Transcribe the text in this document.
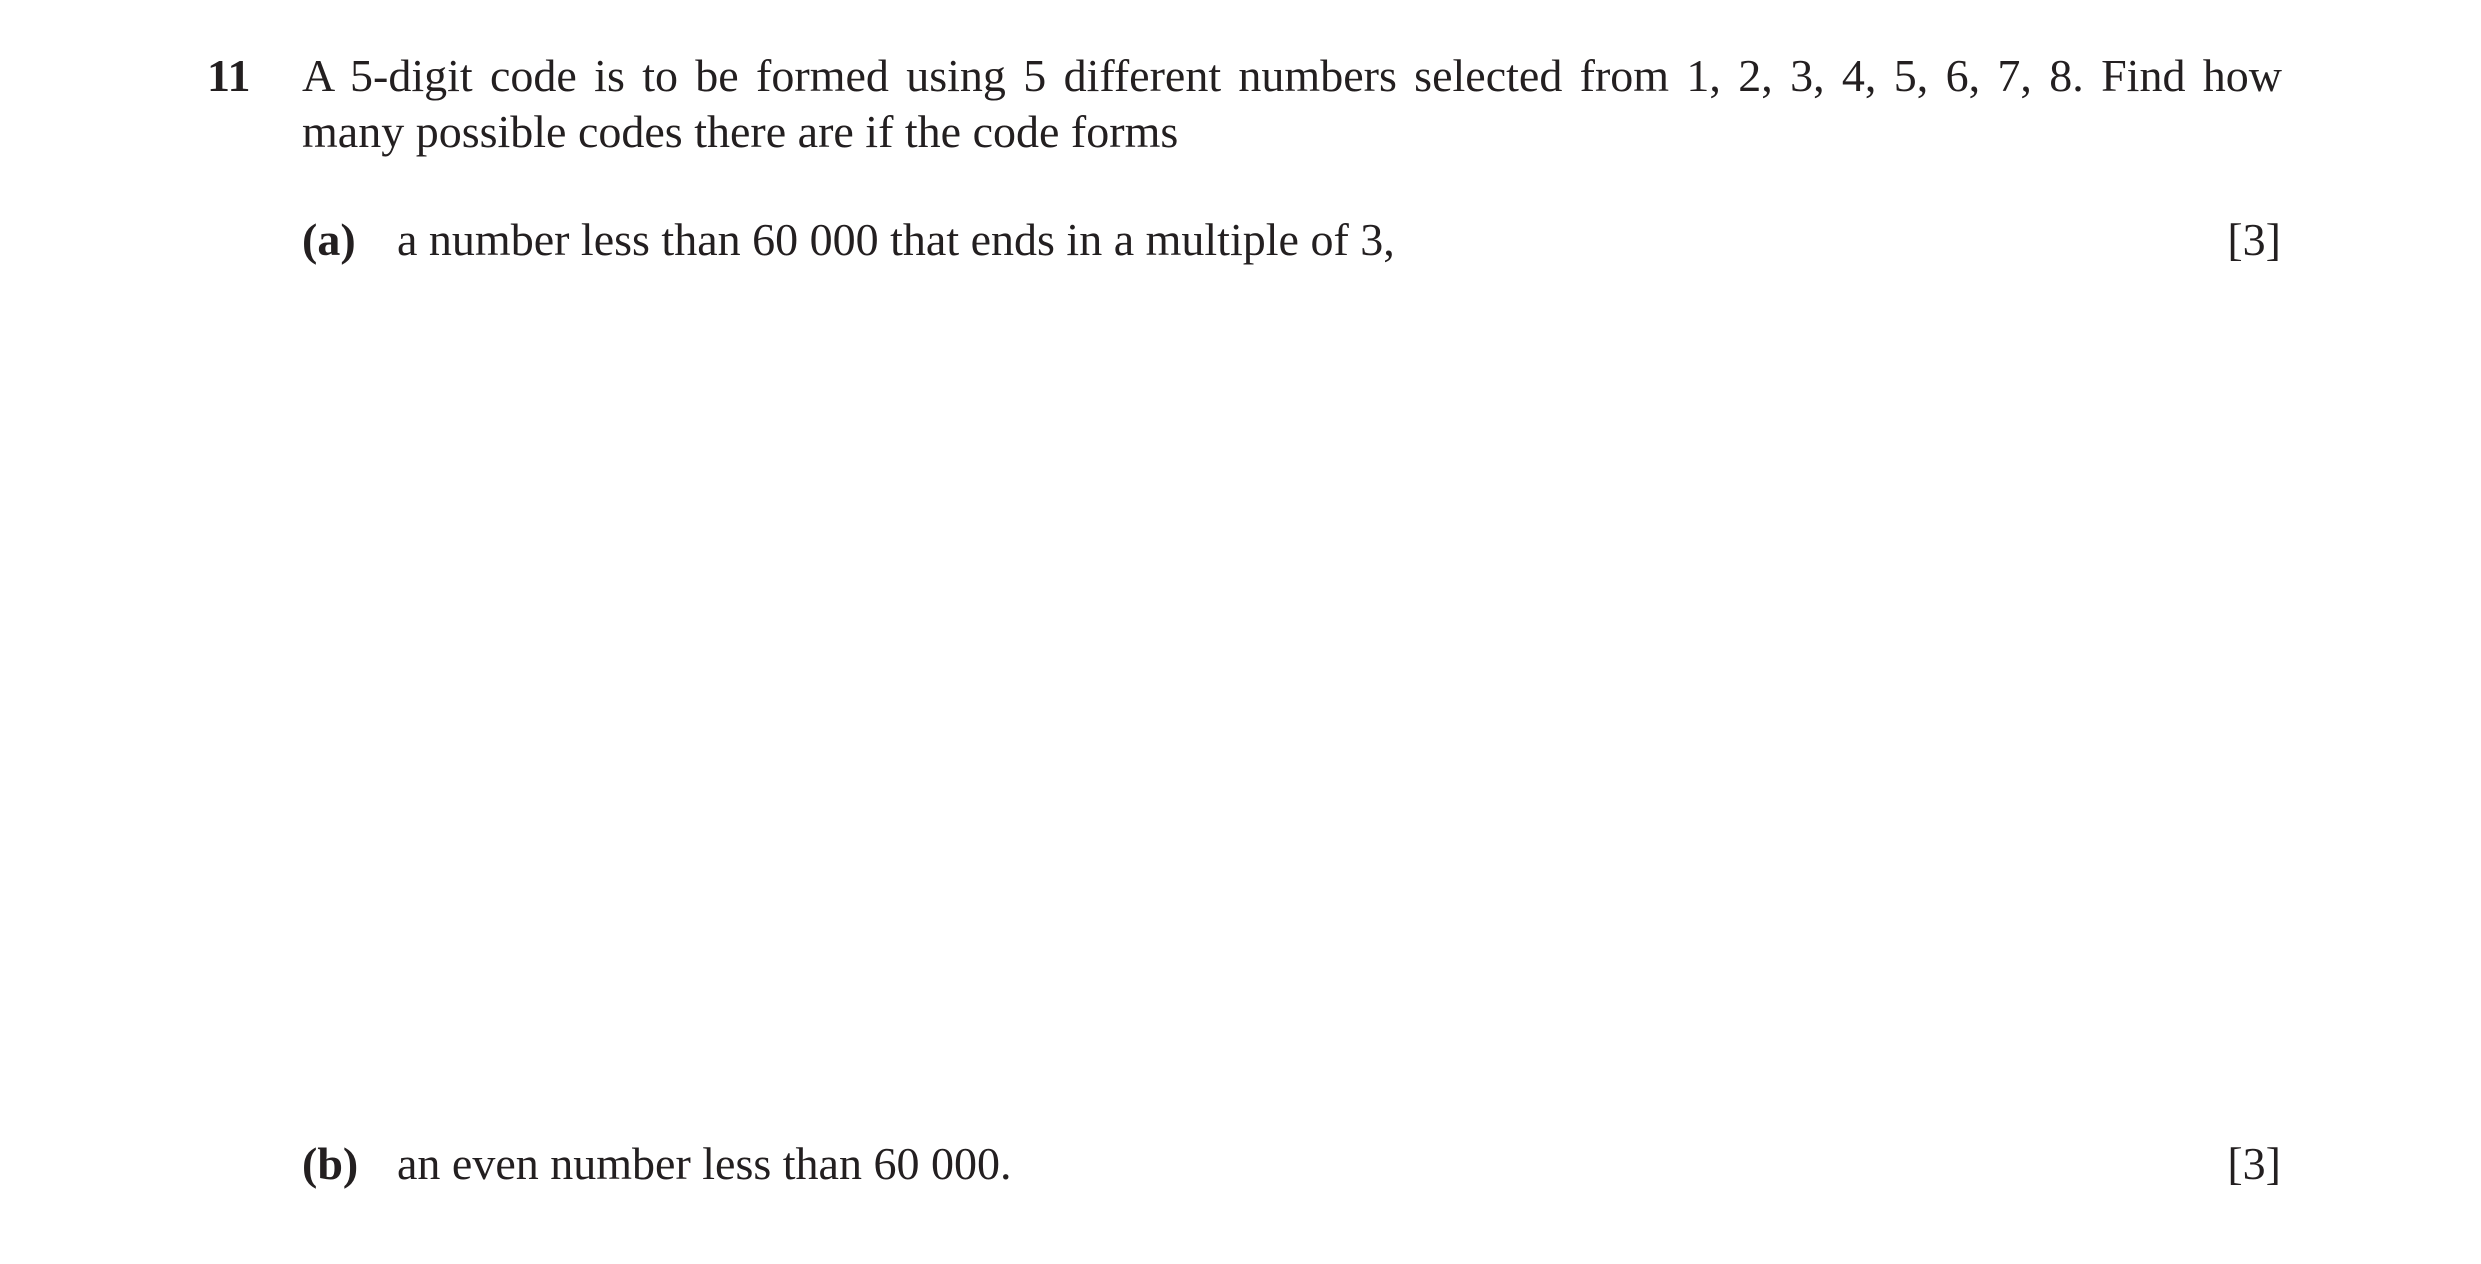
11 A 5-digit code is to be formed using 5 different numbers selected from 1, 2, 3, 4, 5, 6, 7, 8. Find how
many possible codes there are if the code forms
(a) a number less than 60 000 that ends in a multiple of 3,	[3]
(b) an even number less than 60 000.	[3]
